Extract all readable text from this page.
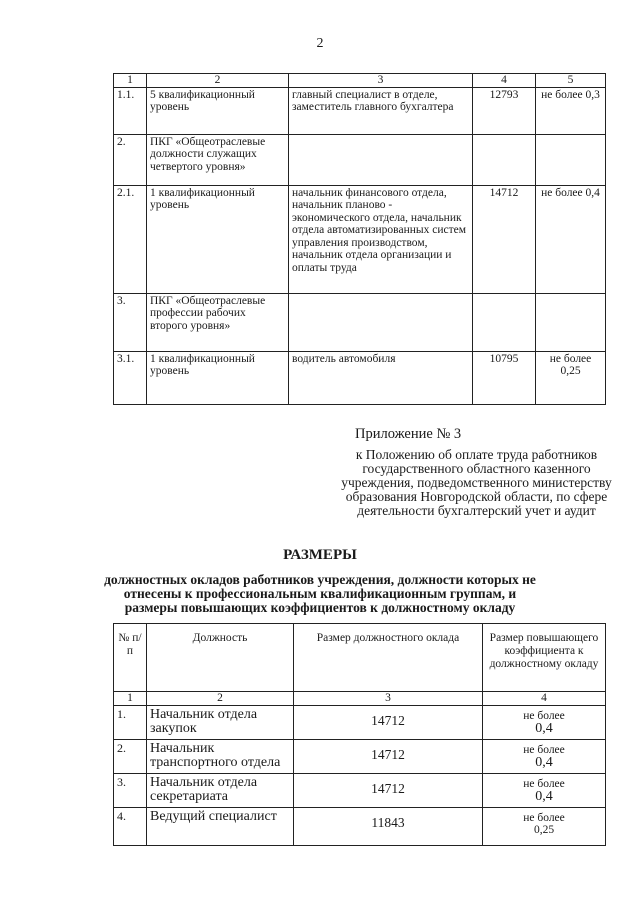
2
1	2	3	4	5
1.1.	5 квалификационный уровень	главный специалист в отделе, заместитель главного бухгалтера	12793	не более 0,3
2.	ПКГ «Общеотраслевые должности служащих четвертого уровня»			
2.1.	1 квалификационный уровень	начальник финансового отдела, начальник планово - экономического отдела, начальник отдела автоматизированных систем управления производством, начальник отдела организации и оплаты труда	14712	не более 0,4
3.	ПКГ «Общеотраслевые профессии рабочих второго уровня»			
3.1.	1 квалификационный уровень	водитель автомобиля	10795	не более 0,25
Приложение № 3
к Положению об оплате труда работников государственного областного казенного учреждения, подведомственного министерству образования Новгородской области, по сфере деятельности бухгалтерский учет и аудит
РАЗМЕРЫ
должностных окладов работников учреждения, должности которых не отнесены к профессиональным квалификационным группам, и размеры повышающих коэффициентов к должностному окладу
№ п/п	Должность	Размер должностного оклада	Размер повышающего коэффициента к должностному окладу
1	2	3	4
1.	Начальник отдела закупок	14712	не более
0,4

2.	Начальник транспортного отдела	14712	не более
0,4

3.	Начальник отдела секретариата	14712	не более
0,4

4.	Ведущий специалист	11843	не более
0,25
